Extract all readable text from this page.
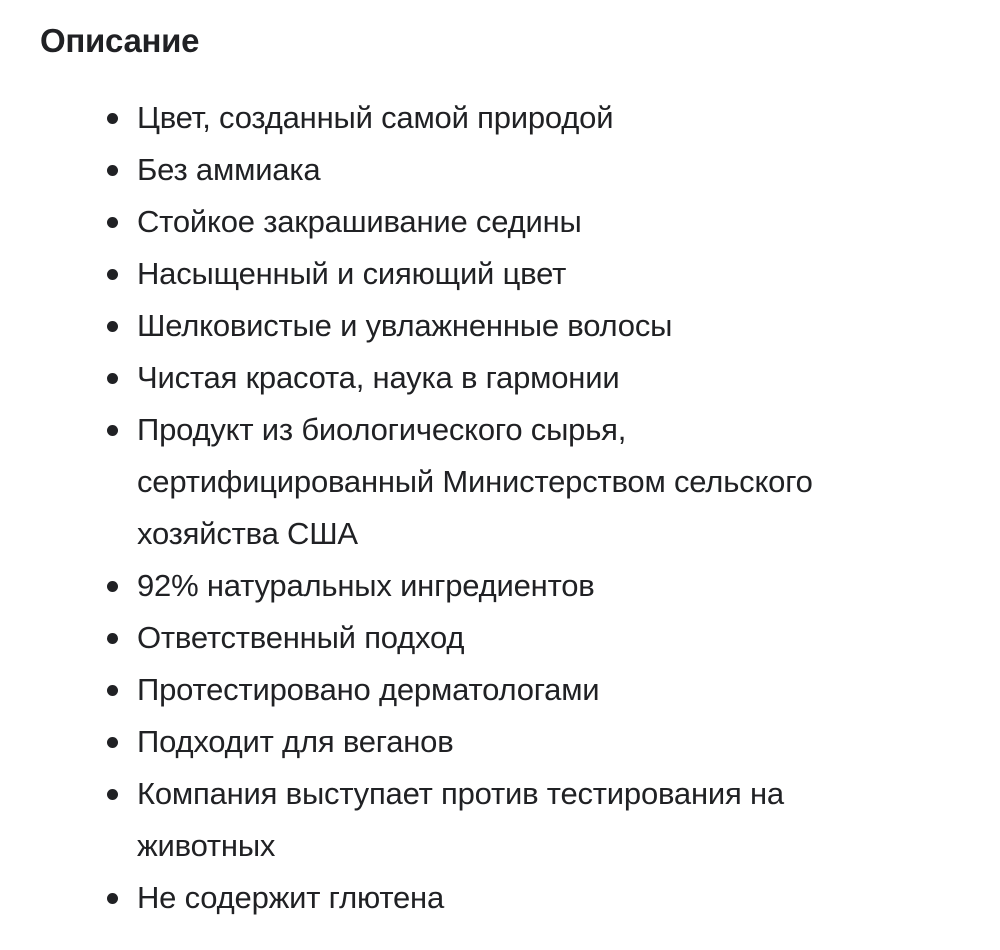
Описание
Цвет, созданный самой природой
Без аммиака
Стойкое закрашивание седины
Насыщенный и сияющий цвет
Шелковистые и увлажненные волосы
Чистая красота, наука в гармонии
Продукт из биологического сырья, сертифицированный Министерством сельского хозяйства США
92% натуральных ингредиентов
Ответственный подход
Протестировано дерматологами
Подходит для веганов
Компания выступает против тестирования на животных
Не содержит глютена
